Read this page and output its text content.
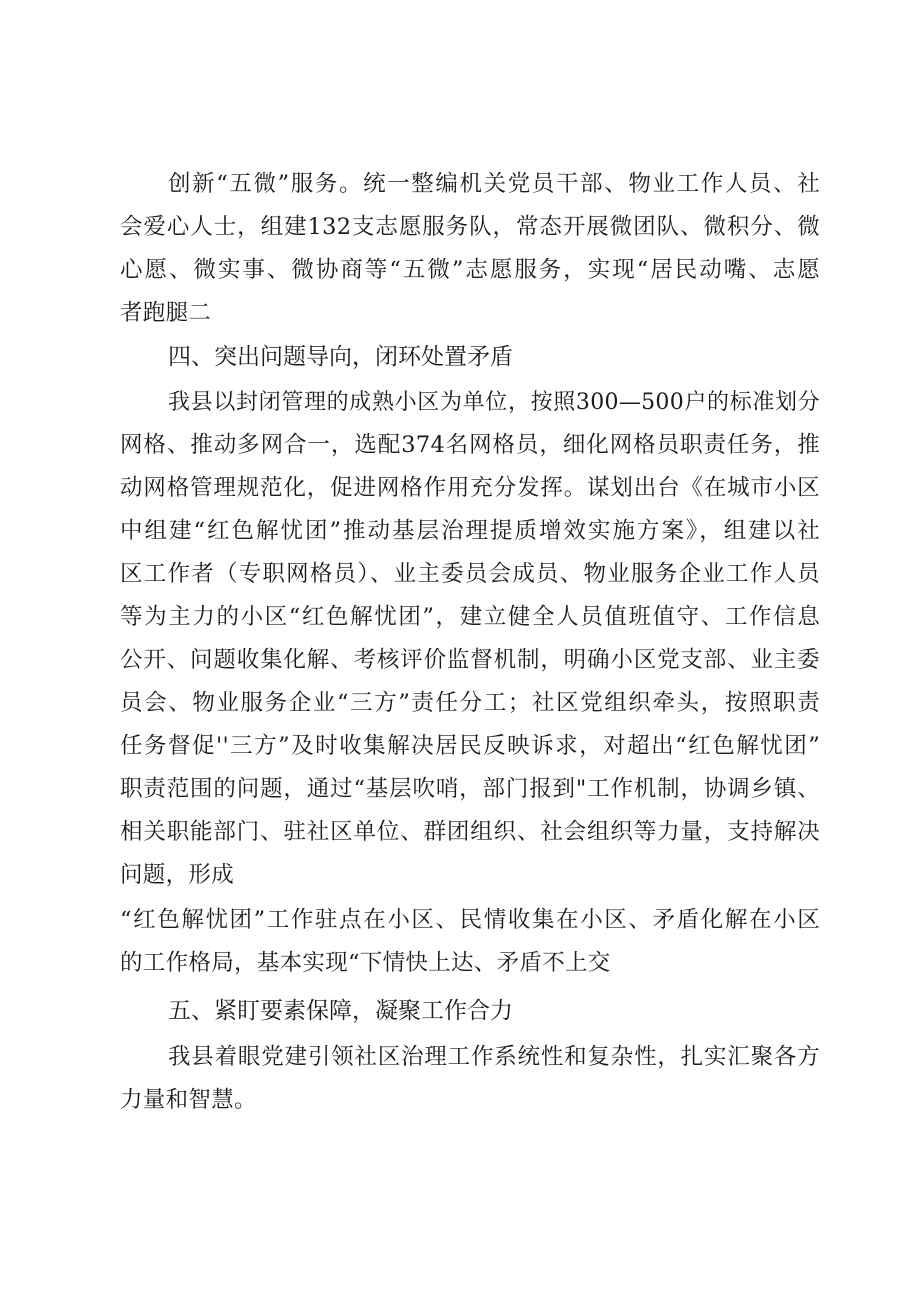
创新“五微”服务。统一整编机关党员干部、物业工作人员、社
会爱心人士，组建132支志愿服务队，常态开展微团队、微积分、微
心愿、微实事、微协商等“五微”志愿服务，实现“居民动嘴、志愿
者跑腿二
四、突出问题导向，闭环处置矛盾
我县以封闭管理的成熟小区为单位，按照300—500户的标准划分
网格、推动多网合一，选配374名网格员，细化网格员职责任务，推
动网格管理规范化，促进网格作用充分发挥。谋划出台《在城市小区
中组建“红色解忧团”推动基层治理提质增效实施方案》，组建以社
区工作者（专职网格员）、业主委员会成员、物业服务企业工作人员
等为主力的小区“红色解忧团”，建立健全人员值班值守、工作信息
公开、问题收集化解、考核评价监督机制，明确小区党支部、业主委
员会、物业服务企业“三方”责任分工；社区党组织牵头，按照职责
任务督促''三方”及时收集解决居民反映诉求，对超出“红色解忧团”
职责范围的问题，通过“基层吹哨，部门报到"工作机制，协调乡镇、
相关职能部门、驻社区单位、群团组织、社会组织等力量，支持解决
问题，形成
“红色解忧团”工作驻点在小区、民情收集在小区、矛盾化解在小区
的工作格局，基本实现“下情快上达、矛盾不上交
五、紧盯要素保障，凝聚工作合力
我县着眼党建引领社区治理工作系统性和复杂性，扎实汇聚各方
力量和智慧。
